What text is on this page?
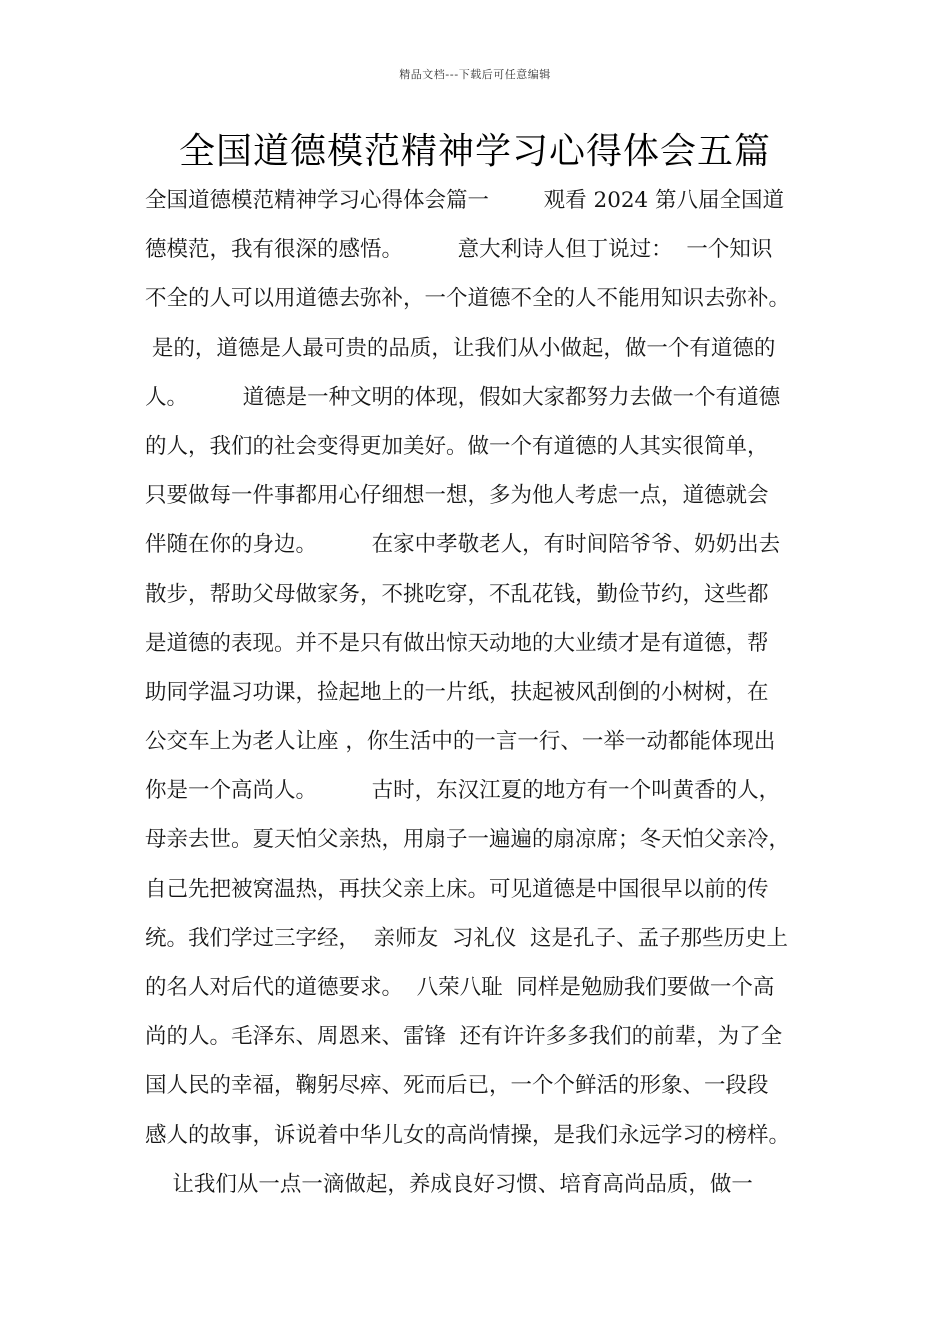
精品文档---下载后可任意编辑
全国道德模范精神学习心得体会五篇
全国道德模范精神学习心得体会篇一        观看 2024 第八届全国道
德模范，我有很深的感悟。        意大利诗人但丁说过：  一个知识
不全的人可以用道德去弥补，一个道德不全的人不能用知识去弥补。
是的，道德是人最可贵的品质，让我们从小做起，做一个有道德的
人。        道德是一种文明的体现，假如大家都努力去做一个有道德
的人，我们的社会变得更加美好。做一个有道德的人其实很简单，
只要做每一件事都用心仔细想一想，多为他人考虑一点，道德就会
伴随在你的身边。        在家中孝敬老人，有时间陪爷爷、奶奶出去
散步，帮助父母做家务，不挑吃穿，不乱花钱，勤俭节约，这些都
是道德的表现。并不是只有做出惊天动地的大业绩才是有道德，帮
助同学温习功课，捡起地上的一片纸，扶起被风刮倒的小树树，在
公交车上为老人让座 ，你生活中的一言一行、一举一动都能体现出
你是一个高尚人。        古时，东汉江夏的地方有一个叫黄香的人，
母亲去世。夏天怕父亲热，用扇子一遍遍的扇凉席；冬天怕父亲冷，
自己先把被窝温热，再扶父亲上床。可见道德是中国很早以前的传
统。我们学过三字经，  亲师友  习礼仪  这是孔子、孟子那些历史上
的名人对后代的道德要求。  八荣八耻  同样是勉励我们要做一个高
尚的人。毛泽东、周恩来、雷锋  还有许许多多我们的前辈，为了全
国人民的幸福，鞠躬尽瘁、死而后已，一个个鲜活的形象、一段段
感人的故事，诉说着中华儿女的高尚情操，是我们永远学习的榜样。
让我们从一点一滴做起，养成良好习惯、培育高尚品质，做一
